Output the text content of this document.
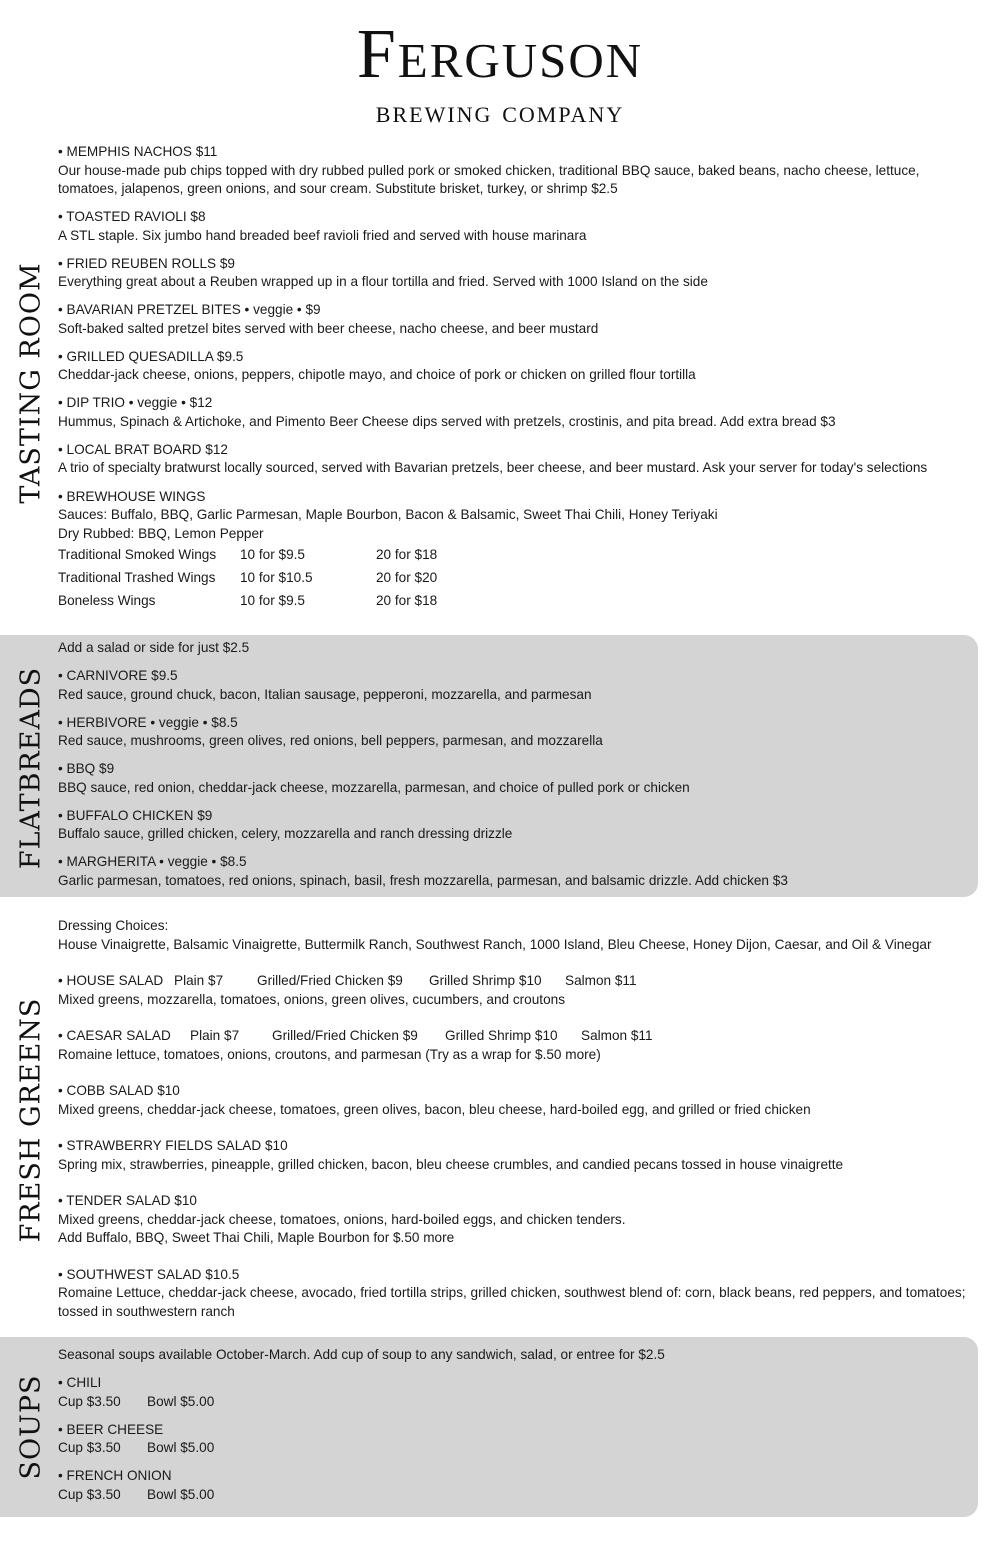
Ferguson
brewing company
TASTING ROOM
FLATBREADS
FRESH GREENS
SOUPS
• MEMPHIS NACHOS $11

Our house-made pub chips topped with dry rubbed pulled pork or smoked chicken, traditional BBQ sauce, baked beans, nacho cheese, lettuce, tomatoes, jalapenos, green onions, and sour cream. Substitute brisket, turkey, or shrimp $2.5

• TOASTED RAVIOLI $8

A STL staple. Six jumbo hand breaded beef ravioli fried and served with house marinara

• FRIED REUBEN ROLLS $9

Everything great about a Reuben wrapped up in a flour tortilla and fried. Served with 1000 Island on the side

• BAVARIAN PRETZEL BITES • veggie • $9

Soft-baked salted pretzel bites served with beer cheese, nacho cheese, and beer mustard

• GRILLED QUESADILLA $9.5

Cheddar-jack cheese, onions, peppers, chipotle mayo, and choice of pork or chicken on grilled flour tortilla

• DIP TRIO • veggie • $12

Hummus, Spinach & Artichoke, and Pimento Beer Cheese dips served with pretzels, crostinis, and pita bread. Add extra bread $3

• LOCAL BRAT BOARD $12

A trio of specialty bratwurst locally sourced, served with Bavarian pretzels, beer cheese, and beer mustard. Ask your server for today's selections

• BREWHOUSE WINGS

Sauces: Buffalo, BBQ, Garlic Parmesan, Maple Bourbon, Bacon & Balsamic, Sweet Thai Chili, Honey Teriyaki

Dry Rubbed: BBQ, Lemon Pepper

Traditional Smoked Wings	10 for $9.5	20 for $18
Traditional Trashed Wings	10 for $10.5	20 for $20
Boneless Wings	10 for $9.5	20 for $18

Add a salad or side for just $2.5

• CARNIVORE $9.5

Red sauce, ground chuck, bacon, Italian sausage, pepperoni, mozzarella, and parmesan

• HERBIVORE • veggie • $8.5

Red sauce, mushrooms, green olives, red onions, bell peppers, parmesan, and mozzarella

• BBQ $9

BBQ sauce, red onion, cheddar-jack cheese, mozzarella, parmesan, and choice of pulled pork or chicken

• BUFFALO CHICKEN $9

Buffalo sauce, grilled chicken, celery, mozzarella and ranch dressing drizzle

• MARGHERITA • veggie • $8.5

Garlic parmesan, tomatoes, red onions, spinach, basil, fresh mozzarella, parmesan, and balsamic drizzle. Add chicken $3

Dressing Choices:

House Vinaigrette, Balsamic Vinaigrette, Buttermilk Ranch, Southwest Ranch, 1000 Island, Bleu Cheese, Honey Dijon, Caesar, and Oil & Vinegar

• HOUSE SALAD Plain $7 Grilled/Fried Chicken $9 Grilled Shrimp $10 Salmon $11

Mixed greens, mozzarella, tomatoes, onions, green olives, cucumbers, and croutons

• CAESAR SALAD Plain $7 Grilled/Fried Chicken $9 Grilled Shrimp $10 Salmon $11

Romaine lettuce, tomatoes, onions, croutons, and parmesan (Try as a wrap for $.50 more)

• COBB SALAD $10

Mixed greens, cheddar-jack cheese, tomatoes, green olives, bacon, bleu cheese, hard-boiled egg, and grilled or fried chicken

• STRAWBERRY FIELDS SALAD $10

Spring mix, strawberries, pineapple, grilled chicken, bacon, bleu cheese crumbles, and candied pecans tossed in house vinaigrette

• TENDER SALAD $10

Mixed greens, cheddar-jack cheese, tomatoes, onions, hard-boiled eggs, and chicken tenders.

Add Buffalo, BBQ, Sweet Thai Chili, Maple Bourbon for $.50 more

• SOUTHWEST SALAD $10.5

Romaine Lettuce, cheddar-jack cheese, avocado, fried tortilla strips, grilled chicken, southwest blend of: corn, black beans, red peppers, and tomatoes; tossed in southwestern ranch

Seasonal soups available October-March. Add cup of soup to any sandwich, salad, or entree for $2.5

• CHILI
Cup $3.50 Bowl $5.00
• BEER CHEESE
Cup $3.50 Bowl $5.00
• FRENCH ONION
Cup $3.50 Bowl $5.00
